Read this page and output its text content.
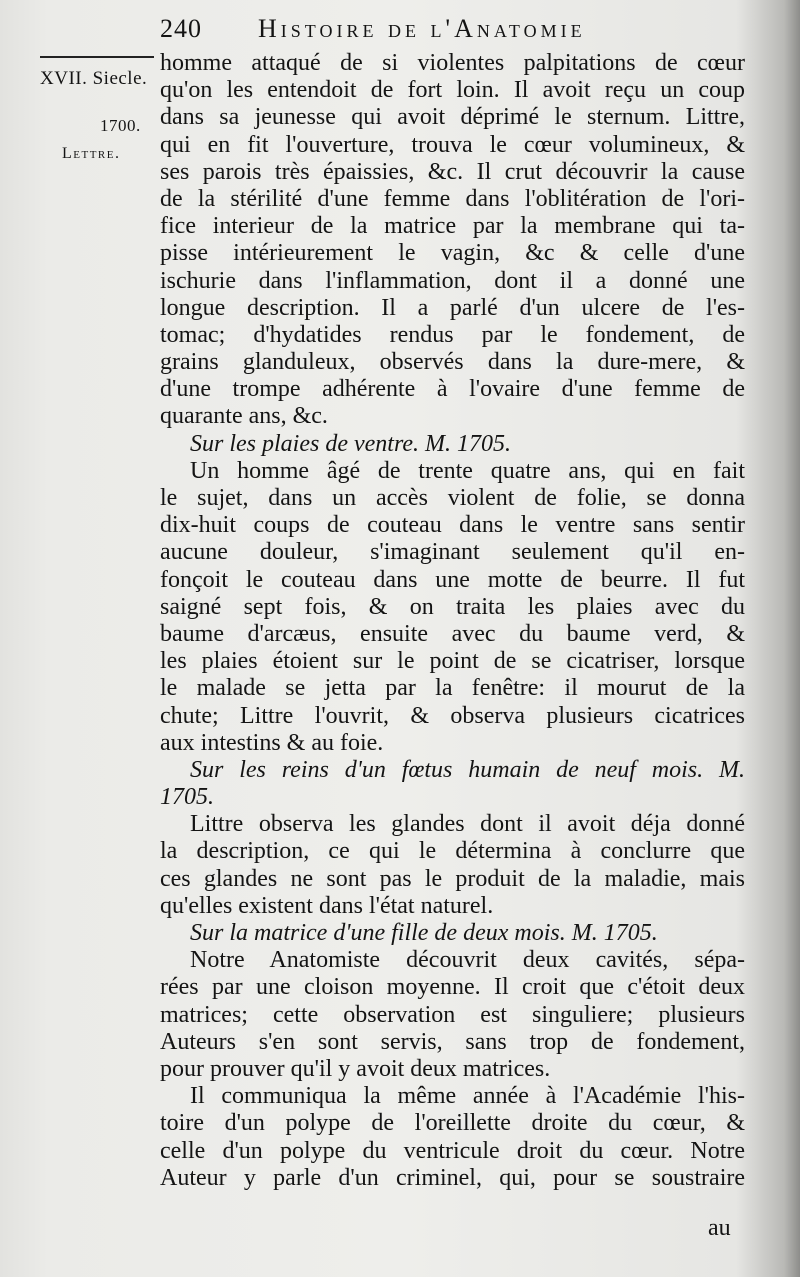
240 Histoire de l'Anatomie
XVII. Siecle.
1700.
Lettre.
homme attaqué de si violentes palpitations de cœur
qu'on les entendoit de fort loin. Il avoit reçu un coup
dans sa jeunesse qui avoit déprimé le sternum. Littre,
qui en fit l'ouverture, trouva le cœur volumineux, &
ses parois très épaissies, &c. Il crut découvrir la cause
de la stérilité d'une femme dans l'oblitération de l'ori-
fice interieur de la matrice par la membrane qui ta-
pisse intérieurement le vagin, &c & celle d'une
ischurie dans l'inflammation, dont il a donné une
longue description. Il a parlé d'un ulcere de l'es-
tomac; d'hydatides rendus par le fondement, de
grains glanduleux, observés dans la dure-mere, &
d'une trompe adhérente à l'ovaire d'une femme de
quarante ans, &c.
Sur les plaies de ventre. M. 1705.
Un homme âgé de trente quatre ans, qui en fait
le sujet, dans un accès violent de folie, se donna
dix-huit coups de couteau dans le ventre sans sentir
aucune douleur, s'imaginant seulement qu'il en-
fonçoit le couteau dans une motte de beurre. Il fut
saigné sept fois, & on traita les plaies avec du
baume d'arcæus, ensuite avec du baume verd, &
les plaies étoient sur le point de se cicatriser, lorsque
le malade se jetta par la fenêtre: il mourut de la
chute; Littre l'ouvrit, & observa plusieurs cicatrices
aux intestins & au foie.
Sur les reins d'un fœtus humain de neuf mois. M.
1705.
Littre observa les glandes dont il avoit déja donné
la description, ce qui le détermina à conclurre que
ces glandes ne sont pas le produit de la maladie, mais
qu'elles existent dans l'état naturel.
Sur la matrice d'une fille de deux mois. M. 1705.
Notre Anatomiste découvrit deux cavités, sépa-
rées par une cloison moyenne. Il croit que c'étoit deux
matrices; cette observation est singuliere; plusieurs
Auteurs s'en sont servis, sans trop de fondement,
pour prouver qu'il y avoit deux matrices.
Il communiqua la même année à l'Académie l'his-
toire d'un polype de l'oreillette droite du cœur, &
celle d'un polype du ventricule droit du cœur. Notre
Auteur y parle d'un criminel, qui, pour se soustraire
au
